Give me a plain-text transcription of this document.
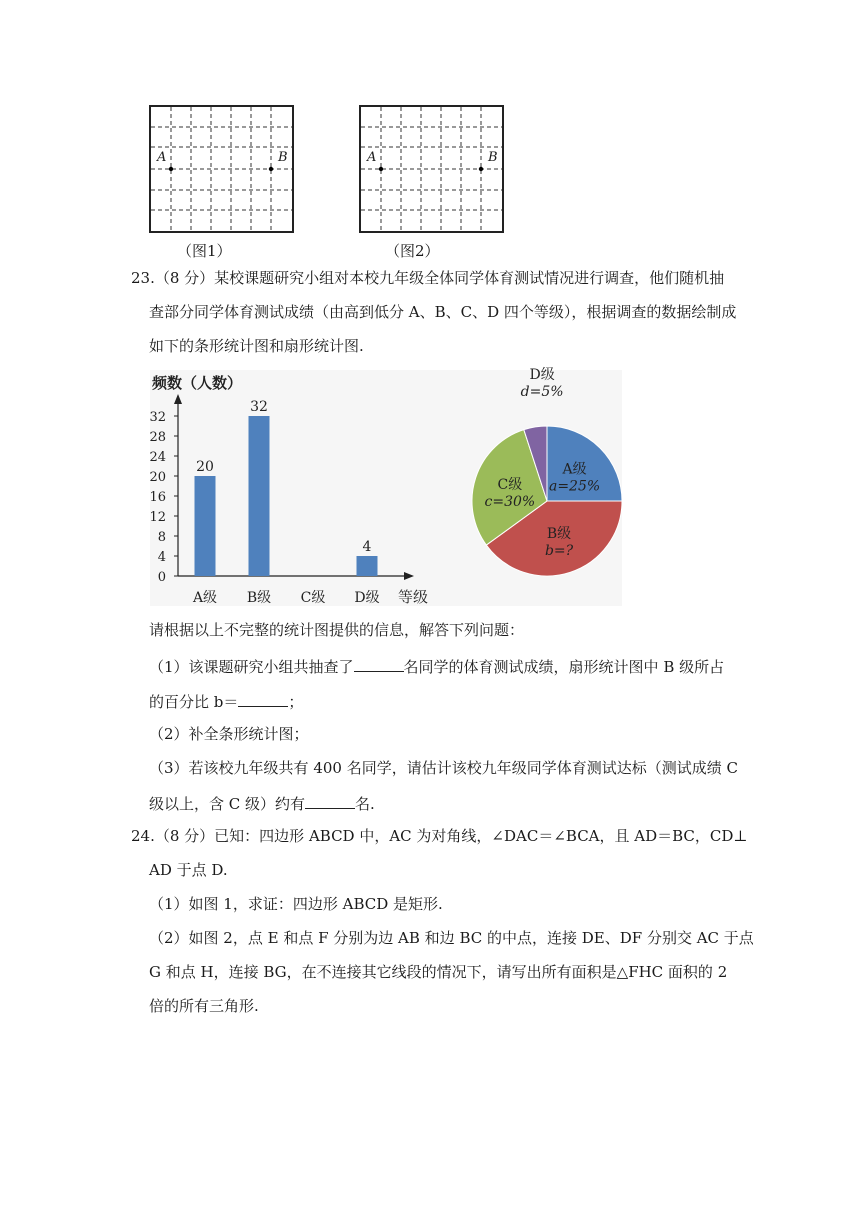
A	B
（图1）
A	B
（图2）
23.（8 分）某校课题研究小组对本校九年级全体同学体育测试情况进行调查，他们随机抽
查部分同学体育测试成绩（由高到低分 A、B、C、D 四个等级），根据调查的数据绘制成
如下的条形统计图和扇形统计图.
频数（人数）
0
4
8
12
16
20
24
28
32
20
A级
32
B级 C级
4
D级 等级
A级
a=25%
B级
b=?
C级
c=30%
D级
d=5%
请根据以上不完整的统计图提供的信息，解答下列问题：
（1）该课题研究小组共抽查了	名同学的体育测试成绩，扇形统计图中 B 级所占
的百分比 b＝	；
（2）补全条形统计图；
（3）若该校九年级共有 400 名同学，请估计该校九年级同学体育测试达标（测试成绩 C
级以上，含 C 级）约有	名.
24.（8 分）已知：四边形 ABCD 中，AC 为对角线，∠DAC＝∠BCA，且 AD＝BC，CD⊥
AD 于点 D.
（1）如图 1，求证：四边形 ABCD 是矩形.
（2）如图 2，点 E 和点 F 分别为边 AB 和边 BC 的中点，连接 DE、DF 分别交 AC 于点
G 和点 H，连接 BG，在不连接其它线段的情况下，请写出所有面积是△FHC 面积的 2
倍的所有三角形.
